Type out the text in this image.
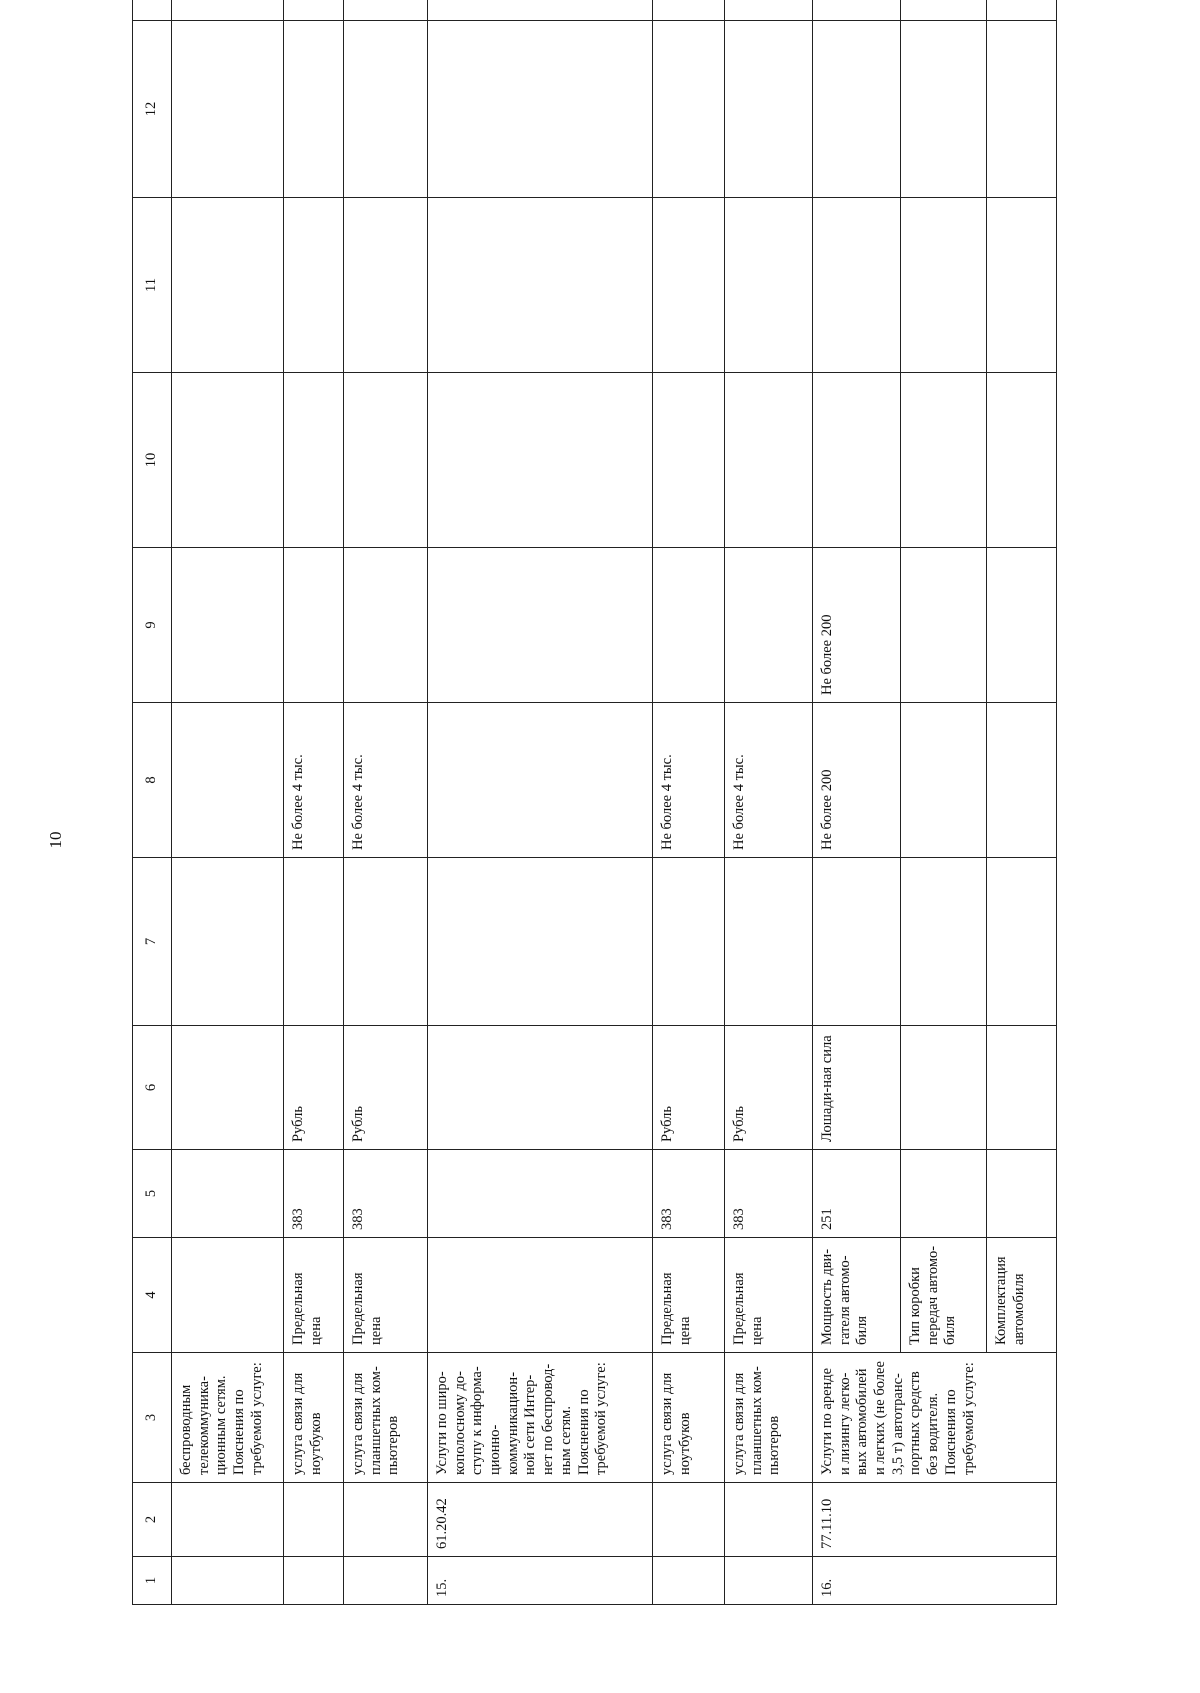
10
1	2	3	4	5	6	7	8	9	10	11	12	
		беспроводным телекоммуника-ционным сетям. Пояснения по требуемой услуге:										
		услуга связи для ноутбуков	Предельная цена	383	Рубль		Не более 4 тыс.					
		услуга связи для планшетных ком-пьютеров	Предельная цена	383	Рубль		Не более 4 тыс.					
15.	61.20.42	Услуги по широ-кополосному до-ступу к информа-ционно-коммуникацион-ной сети Интер-нет по беспровод-ным сетям. Пояснения по требуемой услуге:										
		услуга связи для ноутбуков	Предельная цена	383	Рубль		Не более 4 тыс.					
		услуга связи для планшетных ком-пьютеров	Предельная цена	383	Рубль		Не более 4 тыс.					
16.	77.11.10	Услуги по аренде и лизингу легко-вых автомобилей и легких (не более 3,5 т) автотранс-портных средств без водителя. Пояснения по требуемой услуге:	Мощность дви-гателя автомо-биля	251	Лошади-ная сила		Не более 200	Не более 200				
			Тип коробки передач автомо-биля									
			Комплектация автомобиля									
